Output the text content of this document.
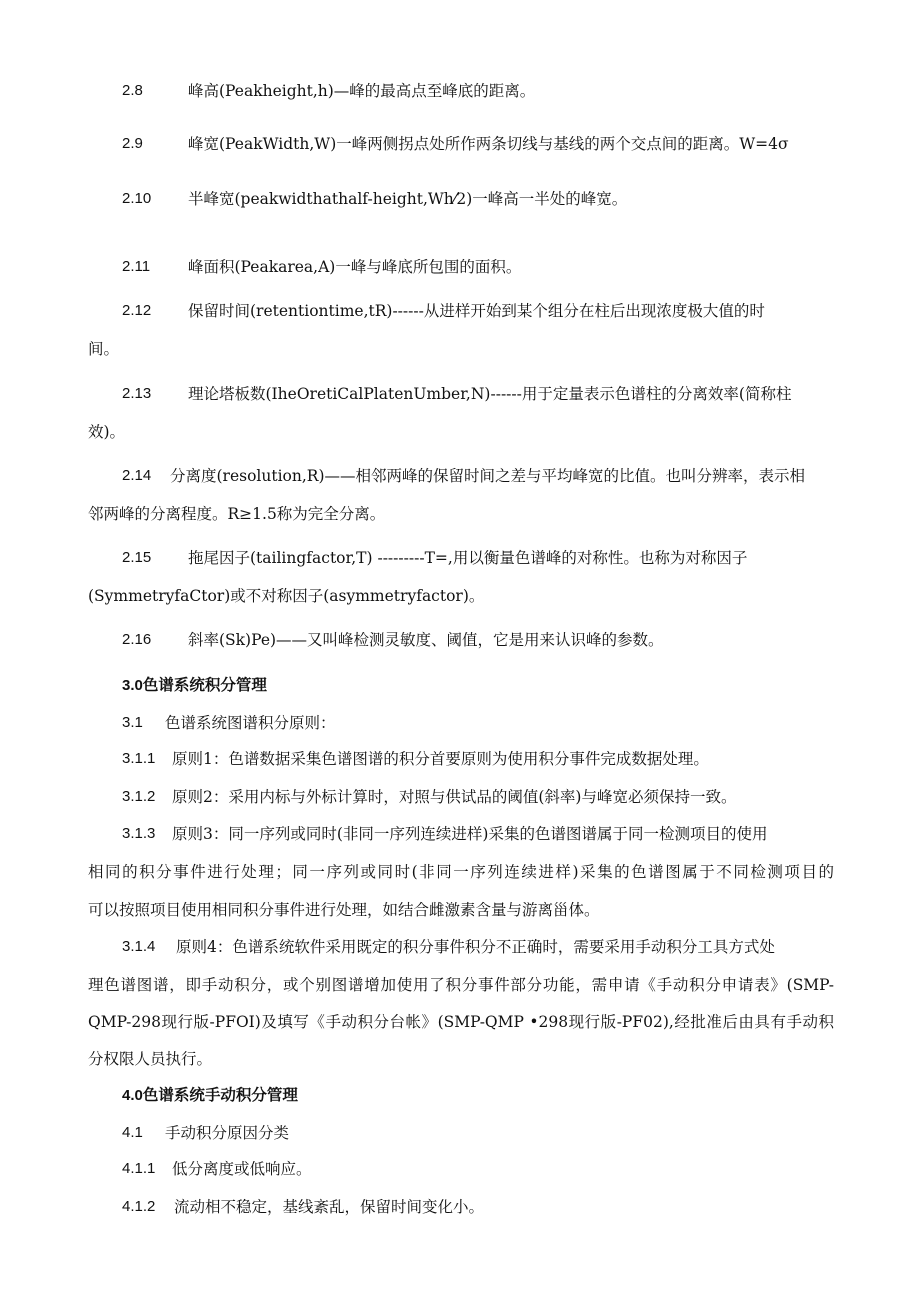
2.8	峰高(Peakheight,h)—峰的最高点至峰底的距离。
2.9	峰宽(PeakWidth,W)一峰两侧拐点处所作两条切线与基线的两个交点间的距离。W=4σ
2.10 半峰宽(peakwidthathalf-height,Wh⁄2)一峰高一半处的峰宽。
2.11 峰面积(Peakarea,A)一峰与峰底所包围的面积。
2.12 保留时间(retentiontime,tR)------从进样开始到某个组分在柱后出现浓度极大值的时
间。
2.13 理论塔板数(IheOretiCalPlatenUmber,N)------用于定量表示色谱柱的分离效率(简称柱
效)。
2.14 分离度(resolution,R)——相邻两峰的保留时间之差与平均峰宽的比值。也叫分辨率，表示相
邻两峰的分离程度。R≥1.5称为完全分离。
2.15 拖尾因子(tailingfactor,T) ---------T=,用以衡量色谱峰的对称性。也称为对称因子
(SymmetryfaCtor)或不对称因子(asymmetryfactor)。
2.16 斜率(Sk)Pe)——又叫峰检测灵敏度、阈值，它是用来认识峰的参数。
3.0色谱系统积分管理
3.1 色谱系统图谱积分原则：
3.1.1 原则1：色谱数据采集色谱图谱的积分首要原则为使用积分事件完成数据处理。
3.1.2 原则2：采用内标与外标计算时，对照与供试品的阈值(斜率)与峰宽必须保持一致。
3.1.3 原则3：同一序列或同时(非同一序列连续进样)采集的色谱图谱属于同一检测项目的使用
相同的积分事件进行处理；同一序列或同时(非同一序列连续进样)采集的色谱图属于不同检测项目的
可以按照项目使用相同积分事件进行处理，如结合雌激素含量与游离甾体。
3.1.4 原则4：色谱系统软件采用既定的积分事件积分不正确时，需要采用手动积分工具方式处
理色谱图谱，即手动积分，或个别图谱增加使用了积分事件部分功能，需申请《手动积分申请表》(SMP-
QMP-298现行版-PFOI)及填写《手动积分台帐》(SMP-QMP •298现行版-PF02),经批准后由具有手动积
分权限人员执行。
4.0色谱系统手动积分管理
4.1 手动积分原因分类
4.1.1 低分离度或低响应。
4.1.2 流动相不稳定，基线紊乱，保留时间变化小。
